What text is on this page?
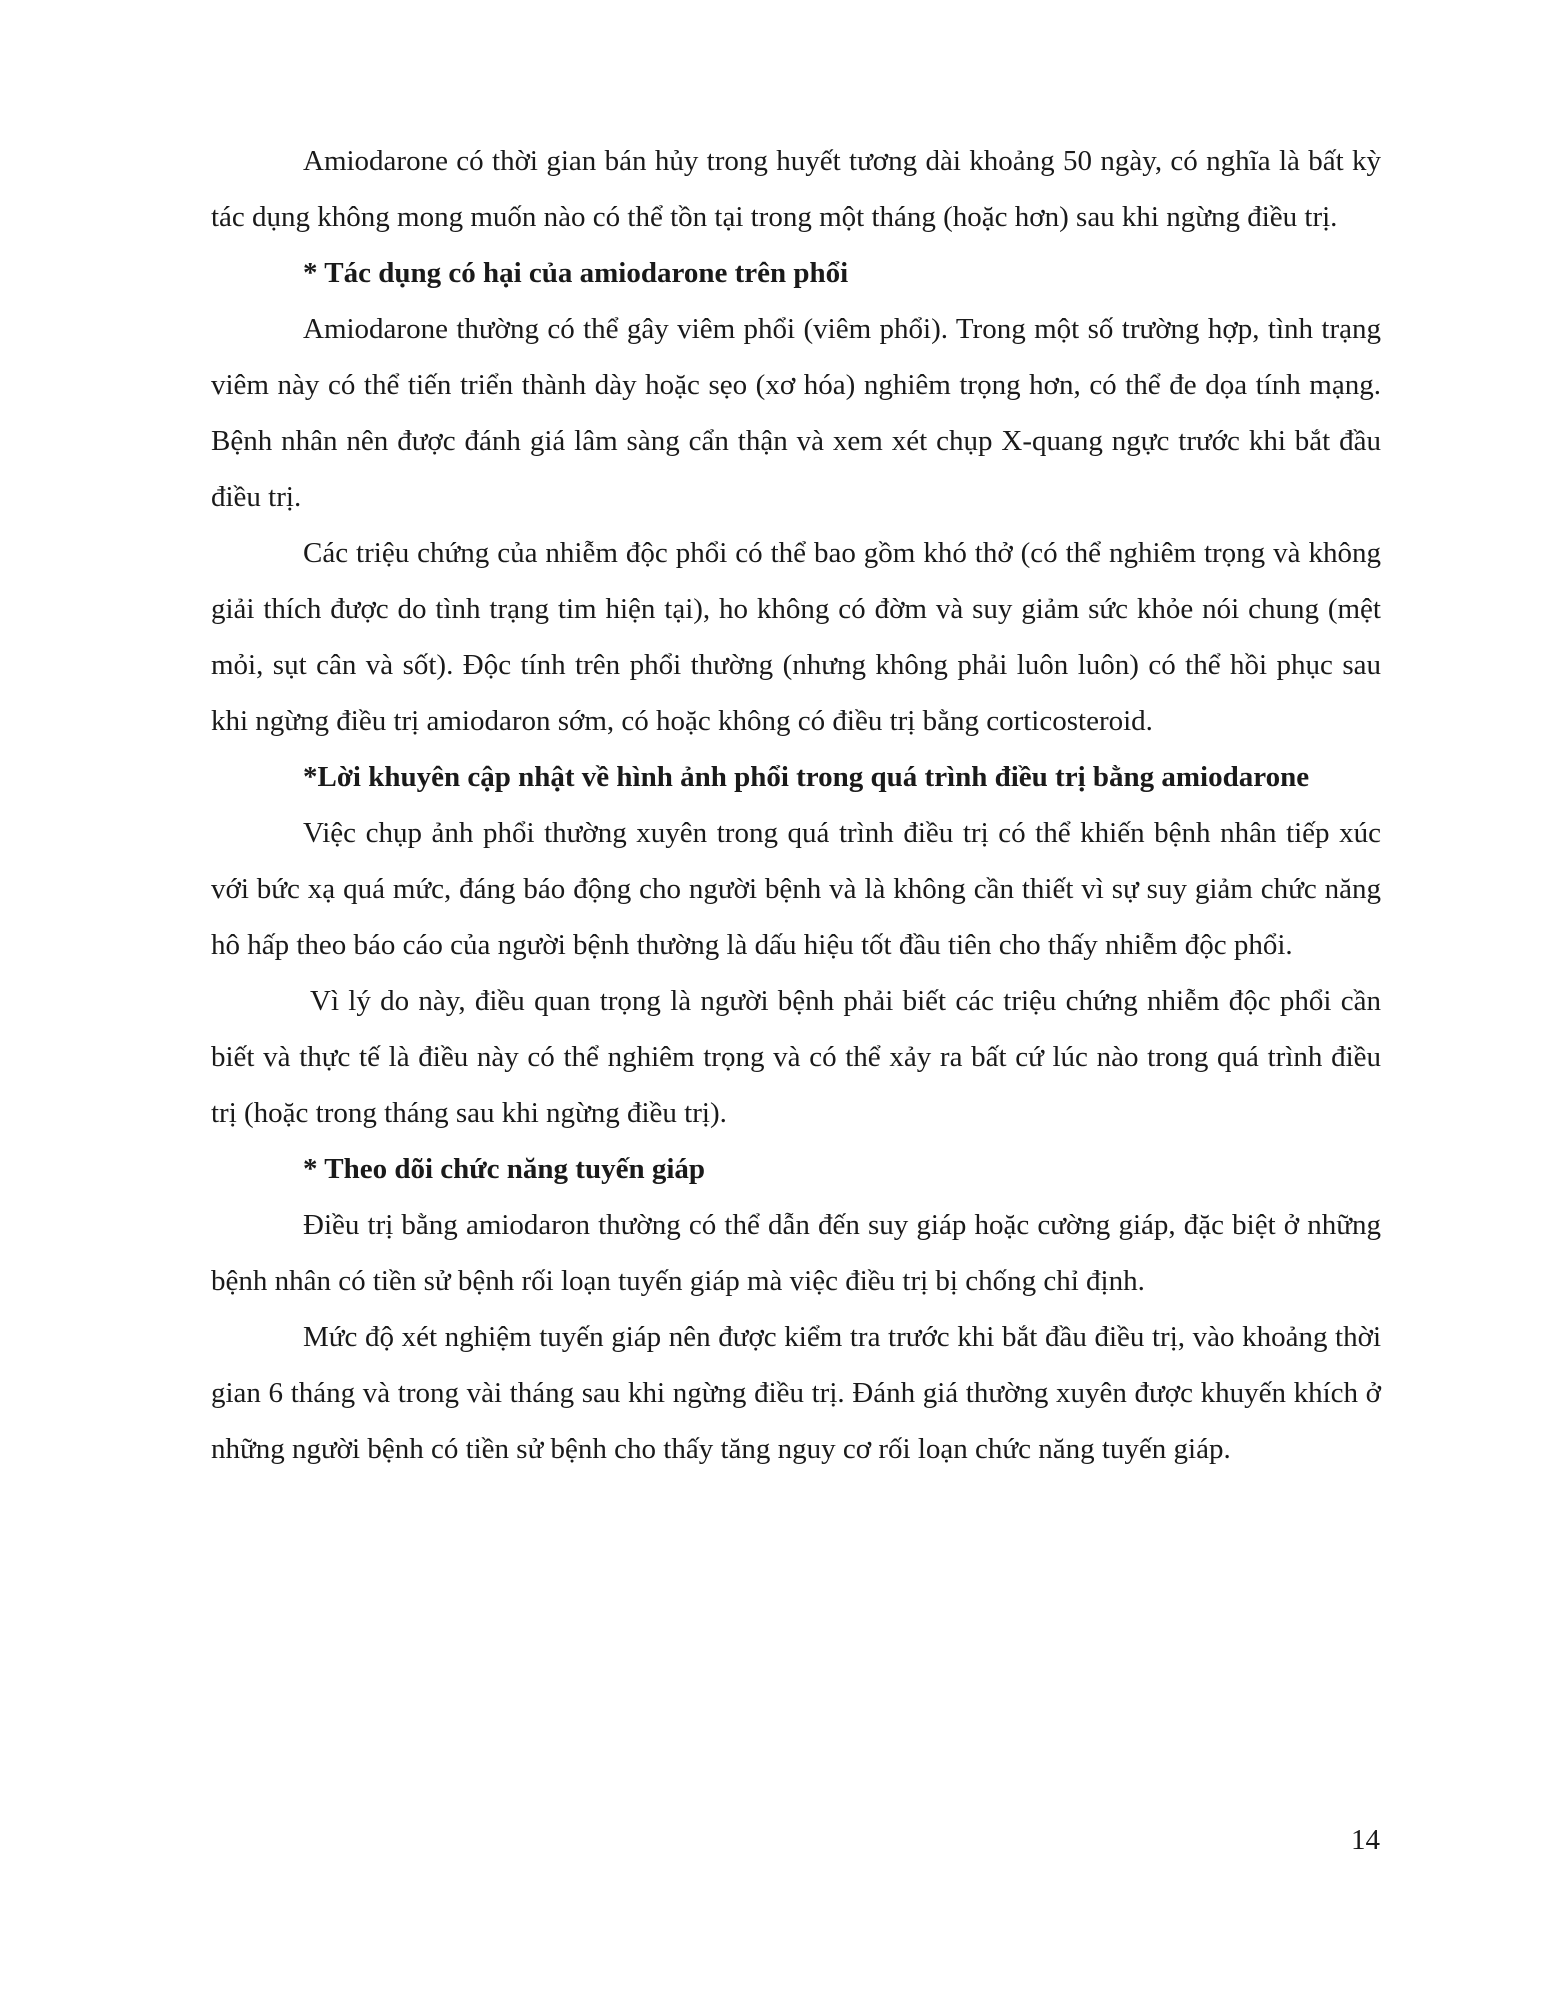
Amiodarone có thời gian bán hủy trong huyết tương dài khoảng 50 ngày, có nghĩa là bất kỳ tác dụng không mong muốn nào có thể tồn tại trong một tháng (hoặc hơn) sau khi ngừng điều trị.

* Tác dụng có hại của amiodarone trên phổi

Amiodarone thường có thể gây viêm phổi (viêm phổi). Trong một số trường hợp, tình trạng viêm này có thể tiến triển thành dày hoặc sẹo (xơ hóa) nghiêm trọng hơn, có thể đe dọa tính mạng. Bệnh nhân nên được đánh giá lâm sàng cẩn thận và xem xét chụp X-quang ngực trước khi bắt đầu điều trị.

Các triệu chứng của nhiễm độc phổi có thể bao gồm khó thở (có thể nghiêm trọng và không giải thích được do tình trạng tim hiện tại), ho không có đờm và suy giảm sức khỏe nói chung (mệt mỏi, sụt cân và sốt). Độc tính trên phổi thường (nhưng không phải luôn luôn) có thể hồi phục sau khi ngừng điều trị amiodaron sớm, có hoặc không có điều trị bằng corticosteroid.

*Lời khuyên cập nhật về hình ảnh phổi trong quá trình điều trị bằng amiodarone

Việc chụp ảnh phổi thường xuyên trong quá trình điều trị có thể khiến bệnh nhân tiếp xúc với bức xạ quá mức, đáng báo động cho người bệnh và là không cần thiết vì sự suy giảm chức năng hô hấp theo báo cáo của người bệnh thường là dấu hiệu tốt đầu tiên cho thấy nhiễm độc phổi.

Vì lý do này, điều quan trọng là người bệnh phải biết các triệu chứng nhiễm độc phổi cần biết và thực tế là điều này có thể nghiêm trọng và có thể xảy ra bất cứ lúc nào trong quá trình điều trị (hoặc trong tháng sau khi ngừng điều trị).

* Theo dõi chức năng tuyến giáp

Điều trị bằng amiodaron thường có thể dẫn đến suy giáp hoặc cường giáp, đặc biệt ở những bệnh nhân có tiền sử bệnh rối loạn tuyến giáp mà việc điều trị bị chống chỉ định.

Mức độ xét nghiệm tuyến giáp nên được kiểm tra trước khi bắt đầu điều trị, vào khoảng thời gian 6 tháng và trong vài tháng sau khi ngừng điều trị. Đánh giá thường xuyên được khuyến khích ở những người bệnh có tiền sử bệnh cho thấy tăng nguy cơ rối loạn chức năng tuyến giáp.

14
